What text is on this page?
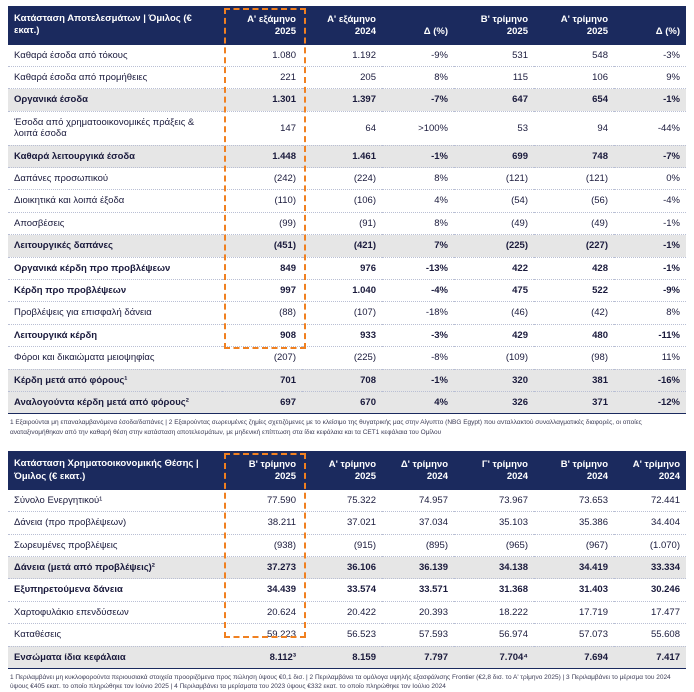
Κατάσταση Αποτελεσμάτων | Όμιλος (€ εκατ.)	Α' εξάμηνο 2025	Α' εξάμηνο 2024	Δ (%)	Β' τρίμηνο 2025	Α' τρίμηνο 2025	Δ (%)
Καθαρά έσοδα από τόκους	1.080	1.192	-9%	531	548	-3%
Καθαρά έσοδα από προμήθειες	221	205	8%	115	106	9%
Οργανικά έσοδα	1.301	1.397	-7%	647	654	-1%
Έσοδα από χρηματοοικονομικές πράξεις & λοιπά έσοδα	147	64	>100%	53	94	-44%
Καθαρά λειτουργικά έσοδα	1.448	1.461	-1%	699	748	-7%
Δαπάνες προσωπικού	(242)	(224)	8%	(121)	(121)	0%
Διοικητικά και λοιπά έξοδα	(110)	(106)	4%	(54)	(56)	-4%
Αποσβέσεις	(99)	(91)	8%	(49)	(49)	-1%
Λειτουργικές δαπάνες	(451)	(421)	7%	(225)	(227)	-1%
Οργανικά κέρδη προ προβλέψεων	849	976	-13%	422	428	-1%
Κέρδη προ προβλέψεων	997	1.040	-4%	475	522	-9%
Προβλέψεις για επισφαλή δάνεια	(88)	(107)	-18%	(46)	(42)	8%
Λειτουργικά κέρδη	908	933	-3%	429	480	-11%
Φόροι και δικαιώματα μειοψηφίας	(207)	(225)	-8%	(109)	(98)	11%
Κέρδη μετά από φόρους¹	701	708	-1%	320	381	-16%
Αναλογούντα κέρδη μετά από φόρους²	697	670	4%	326	371	-12%
1 Εξαιρούνται μη επαναλαμβανόμενα έσοδα/δαπάνες | 2 Εξαιρούντας σωρευμένες ζημίες σχετιζόμενες με το κλείσιμο της θυγατρικής μας στην Αίγυπτο (NBG Egypt) που ανταλλακτού συναλλαγματικές διαφορές, οι οποίες αναταξινομήθηκαν από την καθαρή θέση στην κατάσταση αποτελεσμάτων, με μηδενική επίπτωση στα ίδια κεφάλαια και τα CET1 κεφάλαια του Ομίλου
Κατάσταση Χρηματοοικονομικής Θέσης | Όμιλος (€ εκατ.)	Β' τρίμηνο 2025	Α' τρίμηνο 2025	Δ' τρίμηνο 2024	Γ' τρίμηνο 2024	Β' τρίμηνο 2024	Α' τρίμηνο 2024
Σύνολο Ενεργητικού¹	77.590	75.322	74.957	73.967	73.653	72.441
Δάνεια (προ προβλέψεων)	38.211	37.021	37.034	35.103	35.386	34.404
Σωρευμένες προβλέψεις	(938)	(915)	(895)	(965)	(967)	(1.070)
Δάνεια (μετά από προβλέψεις)²	37.273	36.106	36.139	34.138	34.419	33.334
Εξυπηρετούμενα δάνεια	34.439	33.574	33.571	31.368	31.403	30.246
Χαρτοφυλάκιο επενδύσεων	20.624	20.422	20.393	18.222	17.719	17.477
Καταθέσεις	59.223	56.523	57.593	56.974	57.073	55.608
Ενσώματα ίδια κεφάλαια	8.112³	8.159	7.797	7.704⁴	7.694	7.417
1 Περιλαμβάνει μη κυκλοφορούντα περιουσιακά στοιχεία προοριζόμενα προς πώληση ύψους €0,1 δισ. | 2 Περιλαμβάνει τα ομόλογα υψηλής εξασφάλισης Frontier (€2,8 δισ. το Α' τρίμηνο 2025) | 3 Περιλαμβάνει το μέρισμα του 2024 ύψους €405 εκατ. το οποίο πληρώθηκε τον Ιούνιο 2025 | 4 Περιλαμβάνει τα μερίσματα του 2023 ύψους €332 εκατ. το οποίο πληρώθηκε τον Ιούλιο 2024
